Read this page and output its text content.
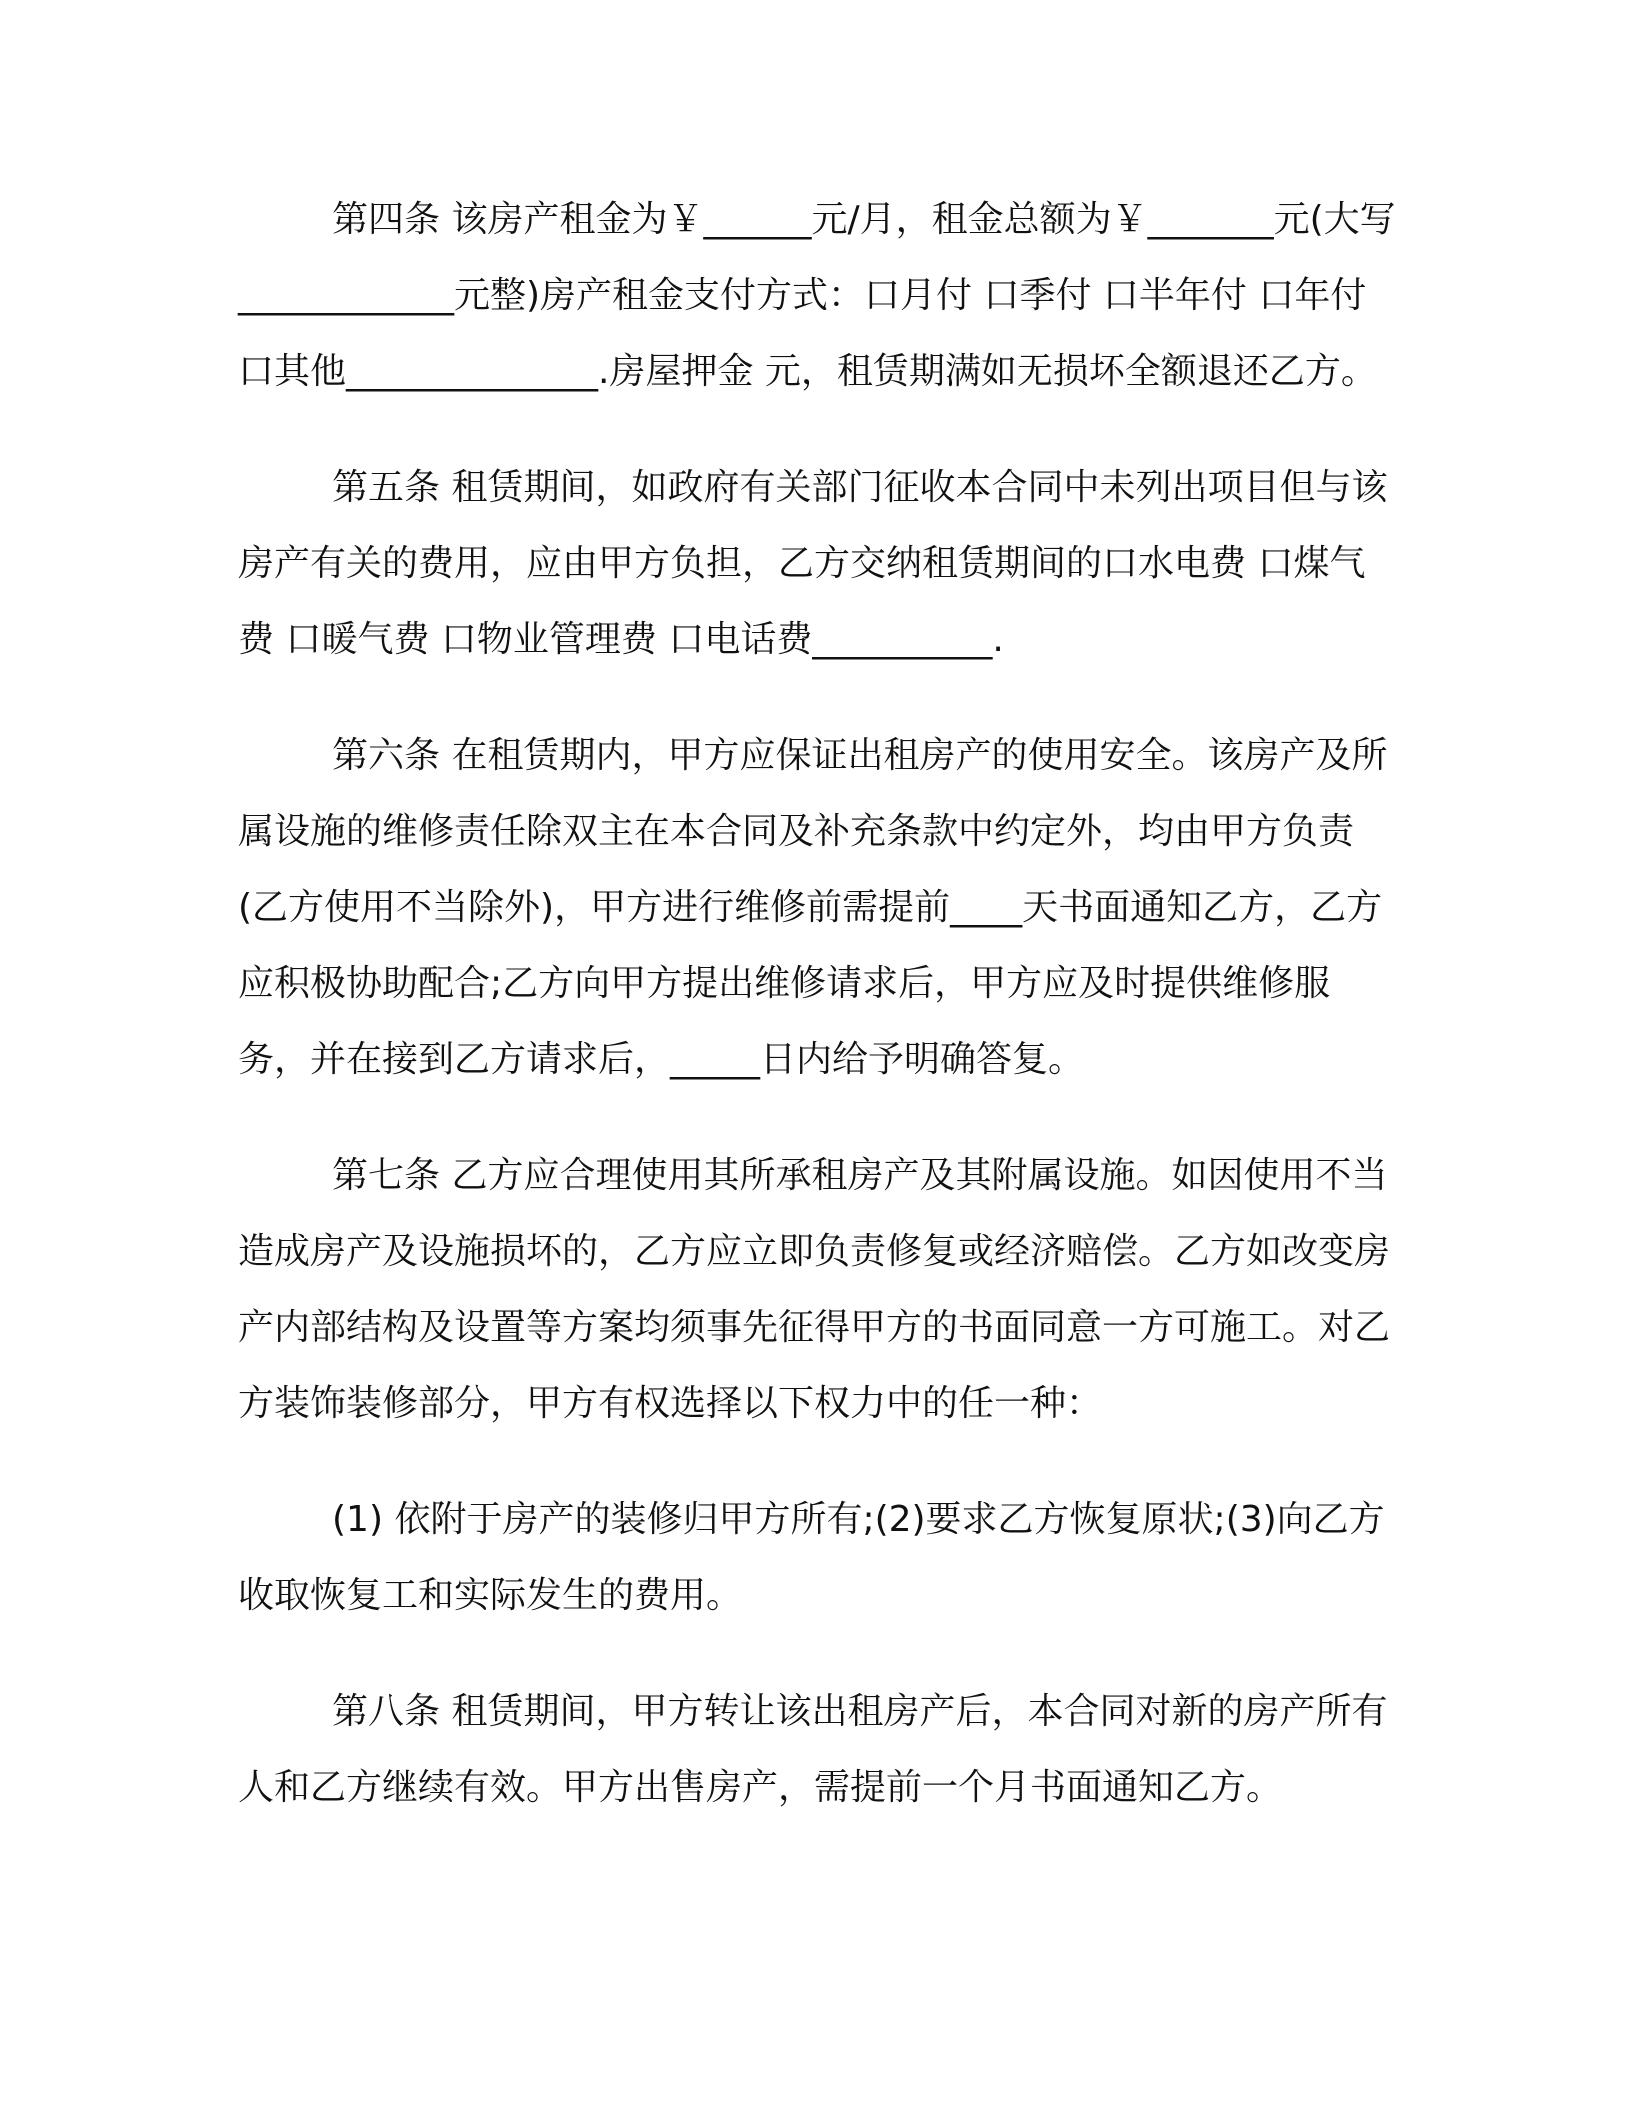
第四条 该房产租金为￥______元/月，租金总额为￥_______元(大写____________元整)房产租金支付方式：口月付 口季付 口半年付 口年付 口其他______________.房屋押金 元，租赁期满如无损坏全额退还乙方。

第五条 租赁期间，如政府有关部门征收本合同中未列出项目但与该房产有关的费用，应由甲方负担，乙方交纳租赁期间的口水电费 口煤气费 口暖气费 口物业管理费 口电话费__________.

第六条 在租赁期内，甲方应保证出租房产的使用安全。该房产及所属设施的维修责任除双主在本合同及补充条款中约定外，均由甲方负责(乙方使用不当除外)，甲方进行维修前需提前____天书面通知乙方，乙方应积极协助配合;乙方向甲方提出维修请求后，甲方应及时提供维修服务，并在接到乙方请求后，_____日内给予明确答复。

第七条 乙方应合理使用其所承租房产及其附属设施。如因使用不当造成房产及设施损坏的，乙方应立即负责修复或经济赔偿。乙方如改变房产内部结构及设置等方案均须事先征得甲方的书面同意一方可施工。对乙方装饰装修部分，甲方有权选择以下权力中的任一种：

(1) 依附于房产的装修归甲方所有;(2)要求乙方恢复原状;(3)向乙方收取恢复工和实际发生的费用。

第八条 租赁期间，甲方转让该出租房产后，本合同对新的房产所有人和乙方继续有效。甲方出售房产，需提前一个月书面通知乙方。
